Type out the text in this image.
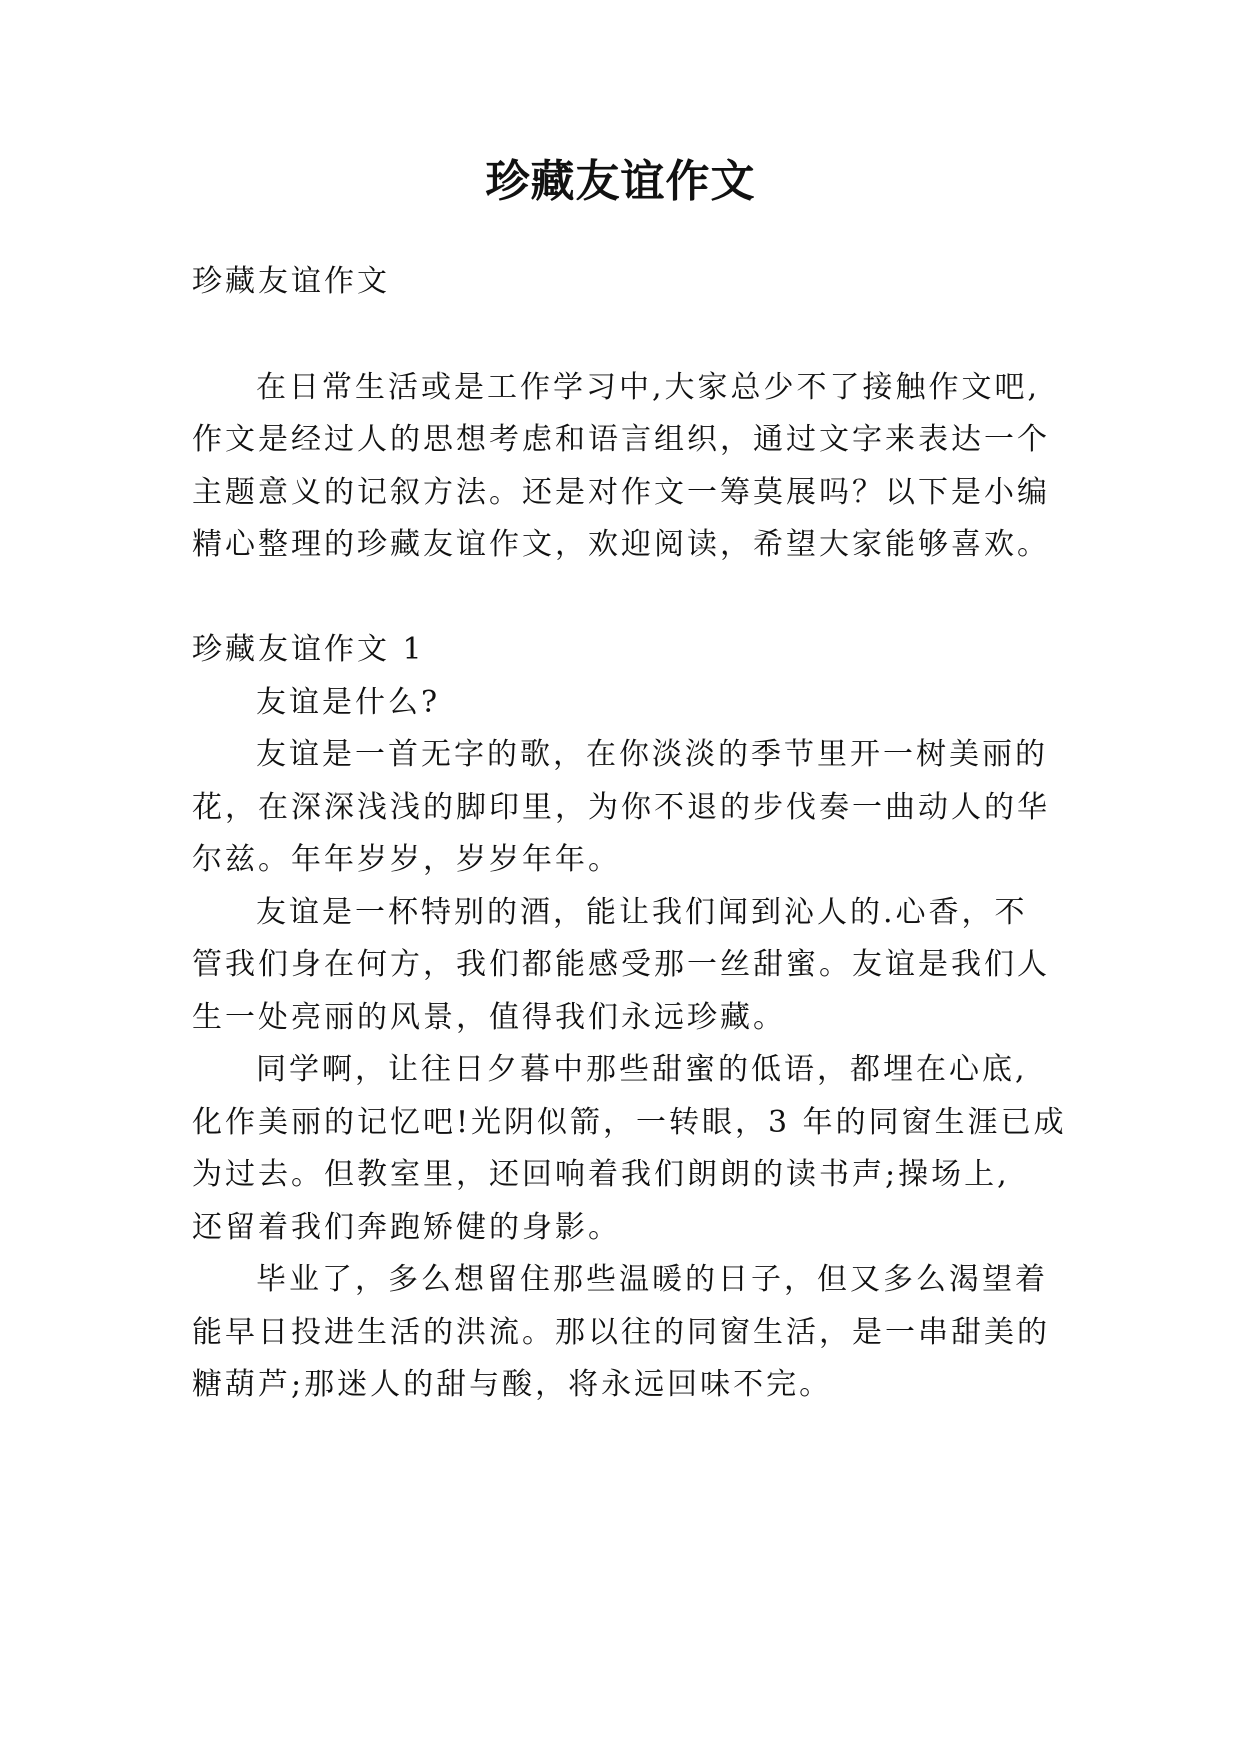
珍藏友谊作文

珍藏友谊作文

在日常生活或是工作学习中,大家总少不了接触作文吧,

作文是经过人的思想考虑和语言组织，通过文字来表达一个

主题意义的记叙方法。还是对作文一筹莫展吗？以下是小编

精心整理的珍藏友谊作文，欢迎阅读，希望大家能够喜欢。

珍藏友谊作文 1

友谊是什么?

友谊是一首无字的歌，在你淡淡的季节里开一树美丽的

花，在深深浅浅的脚印里，为你不退的步伐奏一曲动人的华

尔兹。年年岁岁，岁岁年年。

友谊是一杯特别的酒，能让我们闻到沁人的.心香，不

管我们身在何方，我们都能感受那一丝甜蜜。友谊是我们人

生一处亮丽的风景，值得我们永远珍藏。

同学啊，让往日夕暮中那些甜蜜的低语，都埋在心底,

化作美丽的记忆吧!光阴似箭，一转眼，3 年的同窗生涯已成

为过去。但教室里，还回响着我们朗朗的读书声;操场上,

还留着我们奔跑矫健的身影。

毕业了，多么想留住那些温暖的日子，但又多么渴望着

能早日投进生活的洪流。那以往的同窗生活，是一串甜美的

糖葫芦;那迷人的甜与酸，将永远回味不完。
